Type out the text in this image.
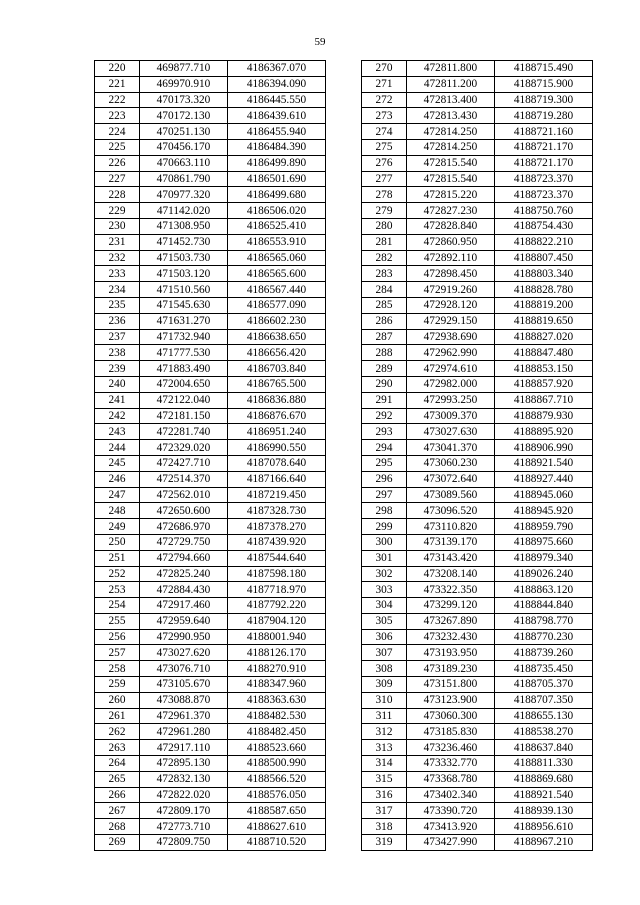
59
220	469877.710	4186367.070
221	469970.910	4186394.090
222	470173.320	4186445.550
223	470172.130	4186439.610
224	470251.130	4186455.940
225	470456.170	4186484.390
226	470663.110	4186499.890
227	470861.790	4186501.690
228	470977.320	4186499.680
229	471142.020	4186506.020
230	471308.950	4186525.410
231	471452.730	4186553.910
232	471503.730	4186565.060
233	471503.120	4186565.600
234	471510.560	4186567.440
235	471545.630	4186577.090
236	471631.270	4186602.230
237	471732.940	4186638.650
238	471777.530	4186656.420
239	471883.490	4186703.840
240	472004.650	4186765.500
241	472122.040	4186836.880
242	472181.150	4186876.670
243	472281.740	4186951.240
244	472329.020	4186990.550
245	472427.710	4187078.640
246	472514.370	4187166.640
247	472562.010	4187219.450
248	472650.600	4187328.730
249	472686.970	4187378.270
250	472729.750	4187439.920
251	472794.660	4187544.640
252	472825.240	4187598.180
253	472884.430	4187718.970
254	472917.460	4187792.220
255	472959.640	4187904.120
256	472990.950	4188001.940
257	473027.620	4188126.170
258	473076.710	4188270.910
259	473105.670	4188347.960
260	473088.870	4188363.630
261	472961.370	4188482.530
262	472961.280	4188482.450
263	472917.110	4188523.660
264	472895.130	4188500.990
265	472832.130	4188566.520
266	472822.020	4188576.050
267	472809.170	4188587.650
268	472773.710	4188627.610
269	472809.750	4188710.520
270	472811.800	4188715.490
271	472811.200	4188715.900
272	472813.400	4188719.300
273	472813.430	4188719.280
274	472814.250	4188721.160
275	472814.250	4188721.170
276	472815.540	4188721.170
277	472815.540	4188723.370
278	472815.220	4188723.370
279	472827.230	4188750.760
280	472828.840	4188754.430
281	472860.950	4188822.210
282	472892.110	4188807.450
283	472898.450	4188803.340
284	472919.260	4188828.780
285	472928.120	4188819.200
286	472929.150	4188819.650
287	472938.690	4188827.020
288	472962.990	4188847.480
289	472974.610	4188853.150
290	472982.000	4188857.920
291	472993.250	4188867.710
292	473009.370	4188879.930
293	473027.630	4188895.920
294	473041.370	4188906.990
295	473060.230	4188921.540
296	473072.640	4188927.440
297	473089.560	4188945.060
298	473096.520	4188945.920
299	473110.820	4188959.790
300	473139.170	4188975.660
301	473143.420	4188979.340
302	473208.140	4189026.240
303	473322.350	4188863.120
304	473299.120	4188844.840
305	473267.890	4188798.770
306	473232.430	4188770.230
307	473193.950	4188739.260
308	473189.230	4188735.450
309	473151.800	4188705.370
310	473123.900	4188707.350
311	473060.300	4188655.130
312	473185.830	4188538.270
313	473236.460	4188637.840
314	473332.770	4188811.330
315	473368.780	4188869.680
316	473402.340	4188921.540
317	473390.720	4188939.130
318	473413.920	4188956.610
319	473427.990	4188967.210
